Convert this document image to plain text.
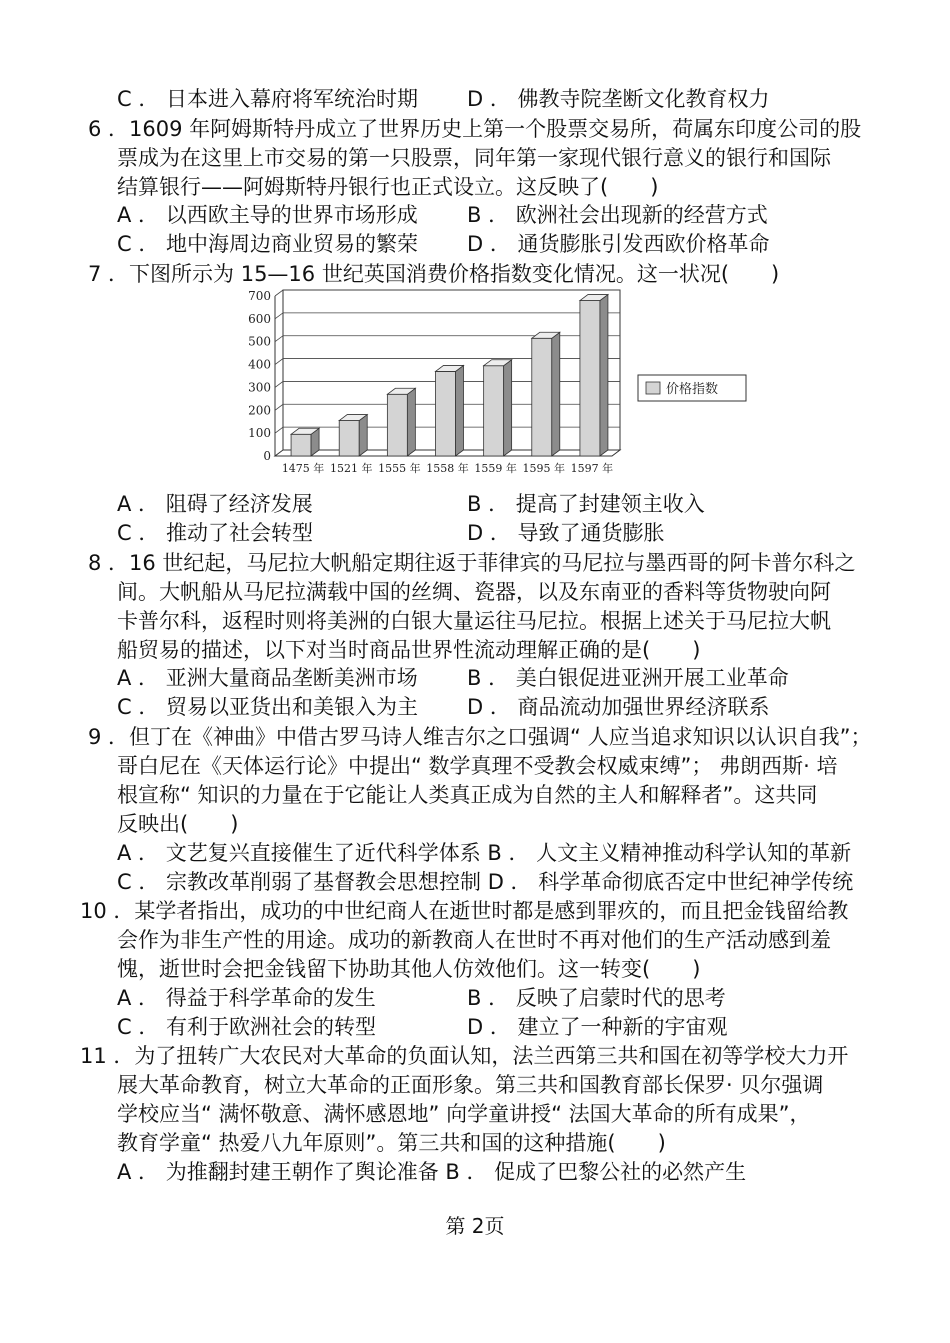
C ． 日本进入幕府将军统治时期 D ． 佛教寺院垄断文化教育权力
6 ．1609 年阿姆斯特丹成立了世界历史上第一个股票交易所，荷属东印度公司的股
票成为在这里上市交易的第一只股票，同年第一家现代银行意义的银行和国际
结算银行——阿姆斯特丹银行也正式设立。这反映了(　　)
A ． 以西欧主导的世界市场形成 B ． 欧洲社会出现新的经营方式
C ． 地中海周边商业贸易的繁荣 D ． 通货膨胀引发西欧价格革命
7 ．下图所示为 15—16 世纪英国消费价格指数变化情况。这一状况(　　)
0
100
200
300
400
500
600
700
1475 年 1521 年 1555 年 1558 年 1559 年 1595 年 1597 年
价格指数
A ． 阻碍了经济发展	B ． 提高了封建领主收入
C ． 推动了社会转型	D ． 导致了通货膨胀
8 ．16 世纪起，马尼拉大帆船定期往返于菲律宾的马尼拉与墨西哥的阿卡普尔科之
间。大帆船从马尼拉满载中国的丝绸、瓷器，以及东南亚的香料等货物驶向阿
卡普尔科，返程时则将美洲的白银大量运往马尼拉。根据上述关于马尼拉大帆
船贸易的描述，以下对当时商品世界性流动理解正确的是(　　)
A ． 亚洲大量商品垄断美洲市场 B ． 美白银促进亚洲开展工业革命
C ． 贸易以亚货出和美银入为主 D ． 商品流动加强世界经济联系
9 ．但丁在《神曲》中借古罗马诗人维吉尔之口强调“ 人应当追求知识以认识自我”；
哥白尼在《天体运行论》中提出“ 数学真理不受教会权威束缚”； 弗朗西斯· 培
根宣称“ 知识的力量在于它能让人类真正成为自然的主人和解释者”。这共同
反映出(　　)
A ． 文艺复兴直接催生了近代科学体系 B ． 人文主义精神推动科学认知的革新
C ． 宗教改革削弱了基督教会思想控制 D ． 科学革命彻底否定中世纪神学传统
10 ．某学者指出，成功的中世纪商人在逝世时都是感到罪疚的，而且把金钱留给教
会作为非生产性的用途。成功的新教商人在世时不再对他们的生产活动感到羞
愧，逝世时会把金钱留下协助其他人仿效他们。这一转变(　　)
A ． 得益于科学革命的发生	B ． 反映了启蒙时代的思考
C ． 有利于欧洲社会的转型	D ． 建立了一种新的宇宙观
11 ．为了扭转广大农民对大革命的负面认知，法兰西第三共和国在初等学校大力开
展大革命教育，树立大革命的正面形象。第三共和国教育部长保罗· 贝尔强调
学校应当“ 满怀敬意、满怀感恩地” 向学童讲授“ 法国大革命的所有成果”，
教育学童“ 热爱八九年原则”。第三共和国的这种措施(　　)
A ． 为推翻封建王朝作了舆论准备 B ． 促成了巴黎公社的必然产生
第 2页
